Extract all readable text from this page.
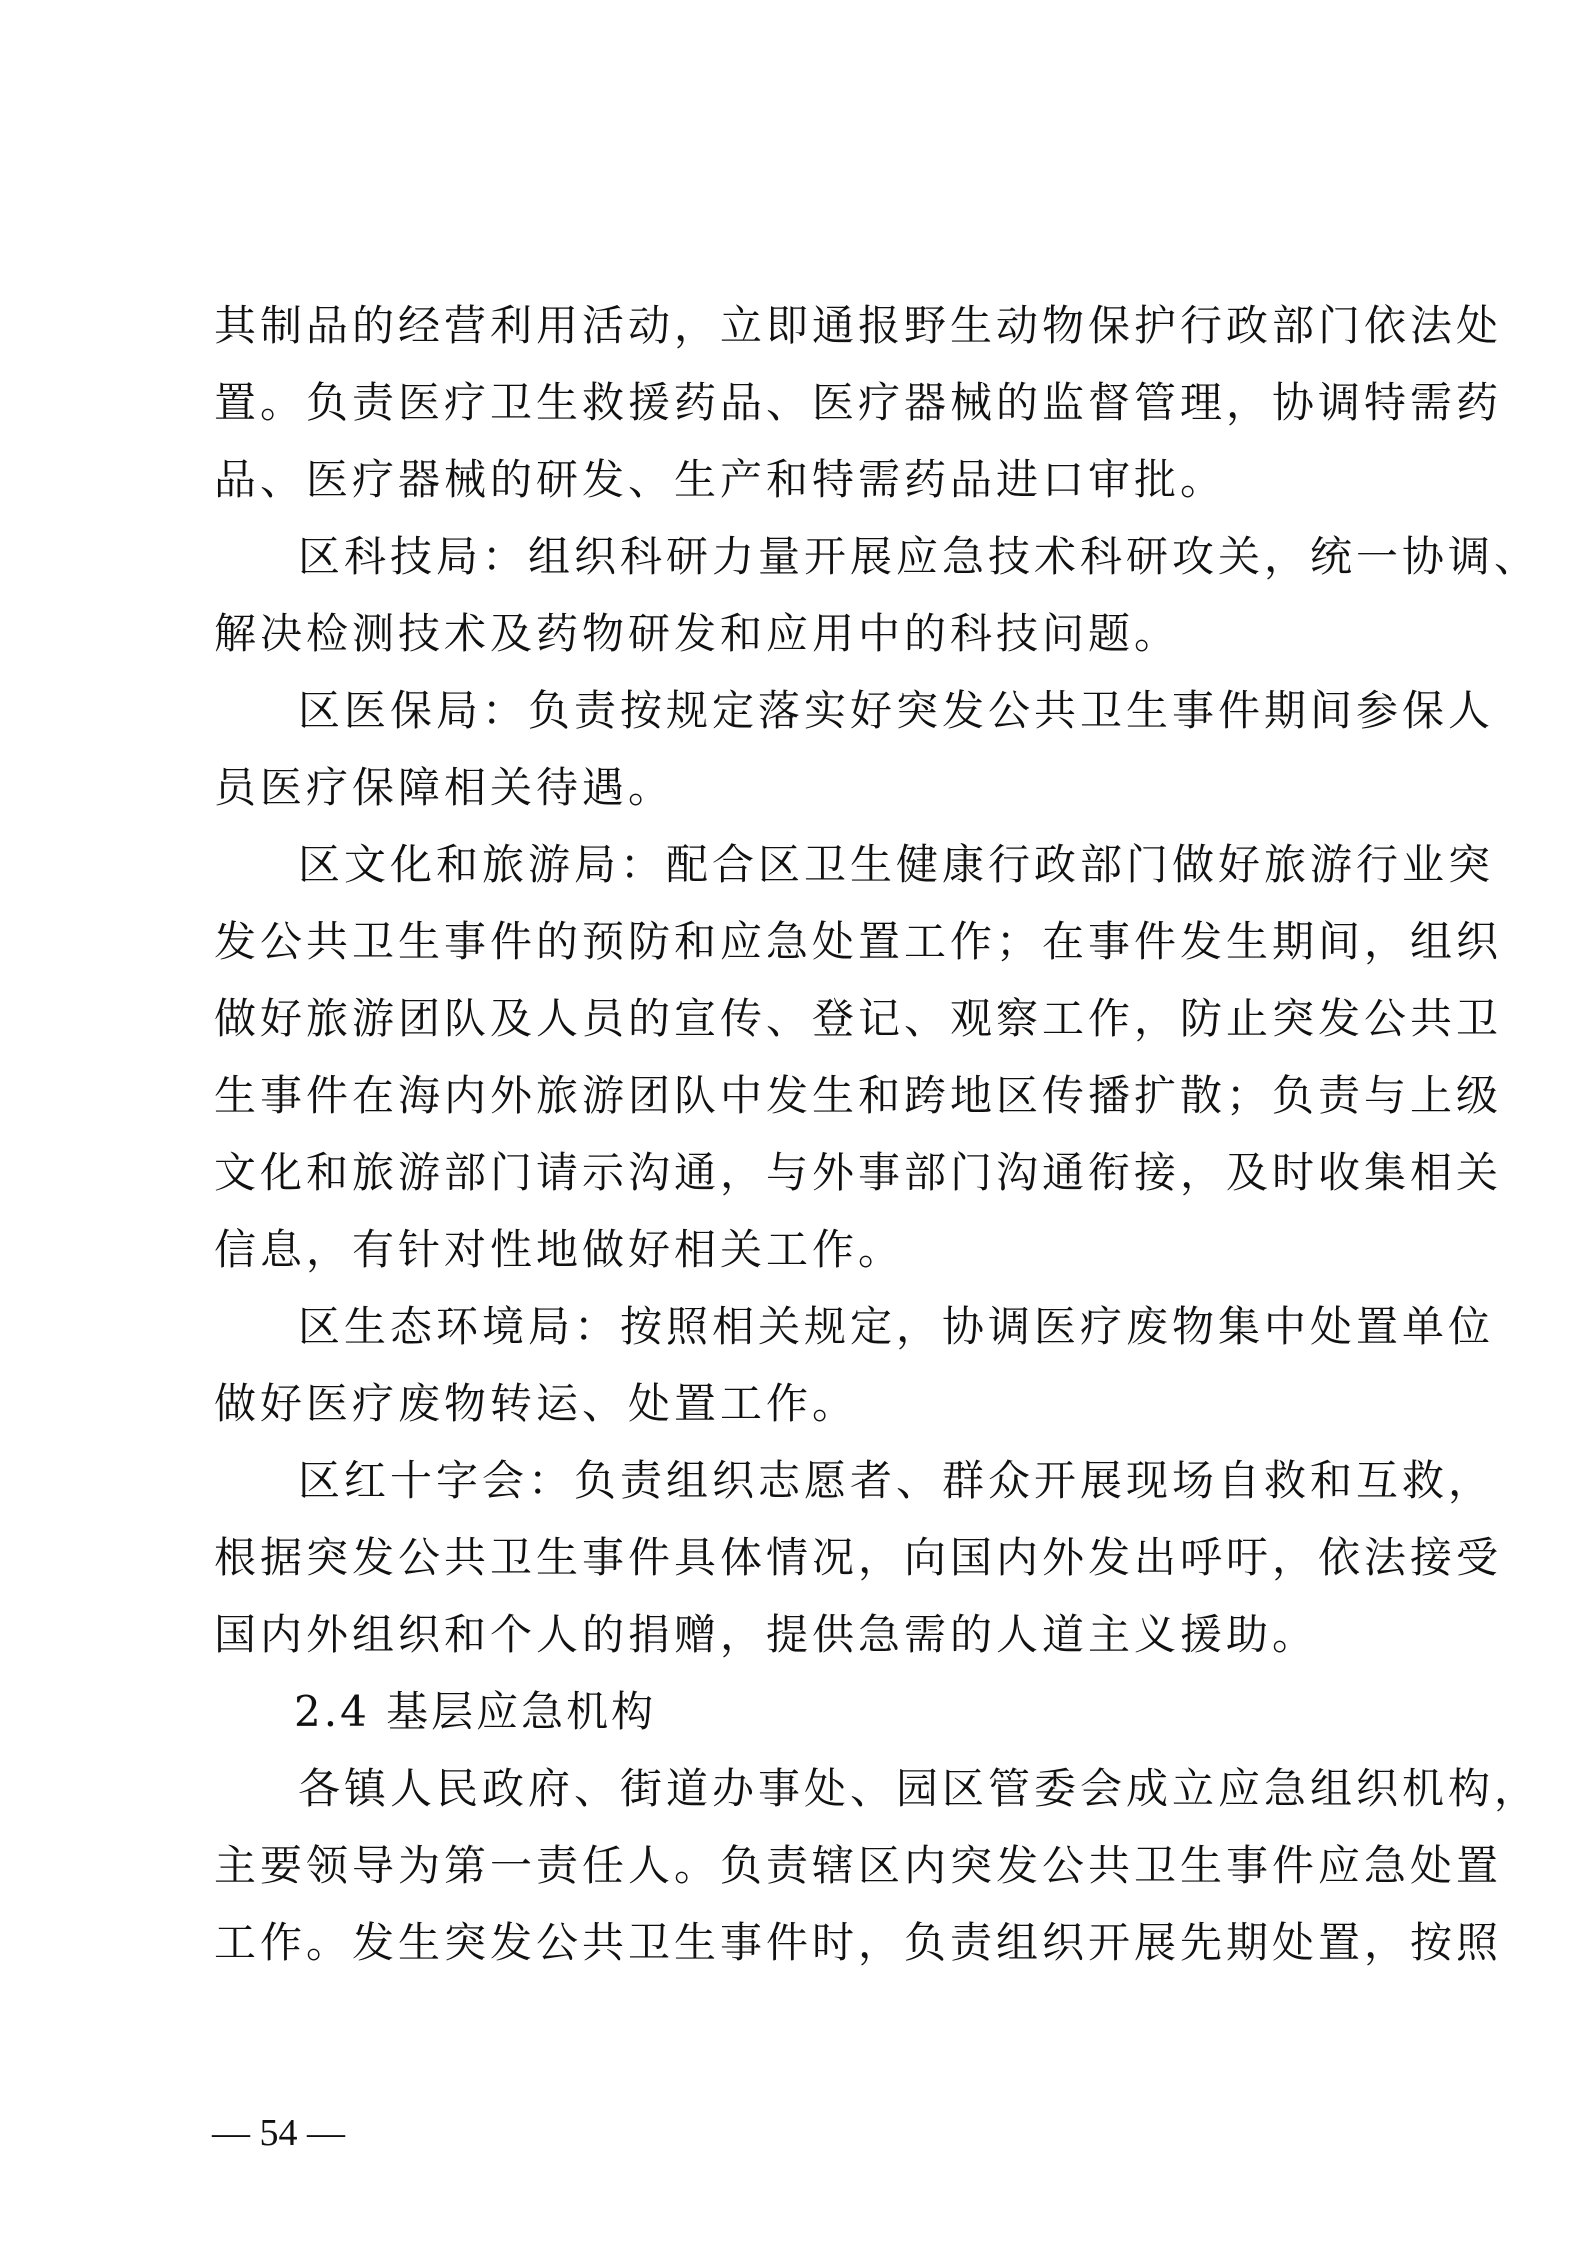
其制品的经营利用活动，立即通报野生动物保护行政部门依法处
置。负责医疗卫生救援药品、医疗器械的监督管理，协调特需药
品、医疗器械的研发、生产和特需药品进口审批。
区科技局：组织科研力量开展应急技术科研攻关，统一协调、
解决检测技术及药物研发和应用中的科技问题。
区医保局：负责按规定落实好突发公共卫生事件期间参保人
员医疗保障相关待遇。
区文化和旅游局：配合区卫生健康行政部门做好旅游行业突
发公共卫生事件的预防和应急处置工作；在事件发生期间，组织
做好旅游团队及人员的宣传、登记、观察工作，防止突发公共卫
生事件在海内外旅游团队中发生和跨地区传播扩散；负责与上级
文化和旅游部门请示沟通，与外事部门沟通衔接，及时收集相关
信息，有针对性地做好相关工作。
区生态环境局：按照相关规定，协调医疗废物集中处置单位
做好医疗废物转运、处置工作。
区红十字会：负责组织志愿者、群众开展现场自救和互救，
根据突发公共卫生事件具体情况，向国内外发出呼吁，依法接受
国内外组织和个人的捐赠，提供急需的人道主义援助。
2.4 基层应急机构
各镇人民政府、街道办事处、园区管委会成立应急组织机构，
主要领导为第一责任人。负责辖区内突发公共卫生事件应急处置
工作。发生突发公共卫生事件时，负责组织开展先期处置，按照
— 54 —
